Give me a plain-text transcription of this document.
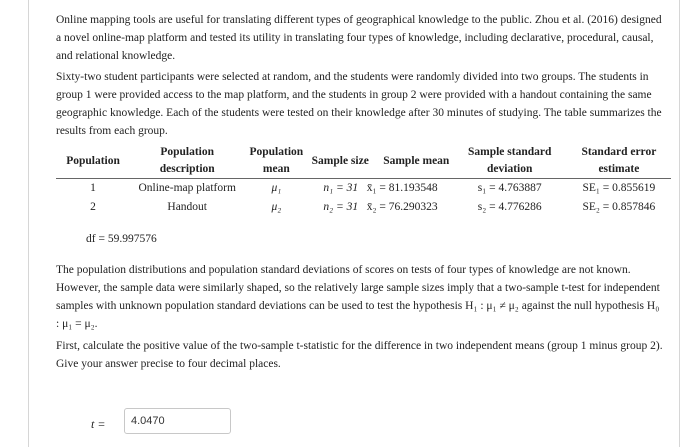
Online mapping tools are useful for translating different types of geographical knowledge to the public. Zhou et al. (2016) designed a novel online-map platform and tested its utility in translating four types of knowledge, including declarative, procedural, causal, and relational knowledge.

Sixty-two student participants were selected at random, and the students were randomly divided into two groups. The students in group 1 were provided access to the map platform, and the students in group 2 were provided with a handout containing the same geographic knowledge. Each of the students were tested on their knowledge after 30 minutes of studying. The table summarizes the results from each group.

Population	Population description	Population mean	Sample size Sample mean	Sample standard deviation	Standard error estimate
1	Online-map platform	μ₁	n₁ = 31 x̄₁ = 81.193548	s₁ = 4.763887	SE₁ = 0.855619
2	Handout	μ₂	n₂ = 31 x̄₂ = 76.290323	s₂ = 4.776286	SE₂ = 0.857846
df = 59.997576

The population distributions and population standard deviations of scores on tests of four types of knowledge are not known. However, the sample data were similarly shaped, so the relatively large sample sizes imply that a two-sample t-test for independent samples with unknown population standard deviations can be used to test the hypothesis H₁ : μ₁ ≠ μ₂ against the null hypothesis H₀ : μ₁ = μ₂.

First, calculate the positive value of the two-sample t-statistic for the difference in two independent means (group 1 minus group 2). Give your answer precise to four decimal places.

t =	4.0470
